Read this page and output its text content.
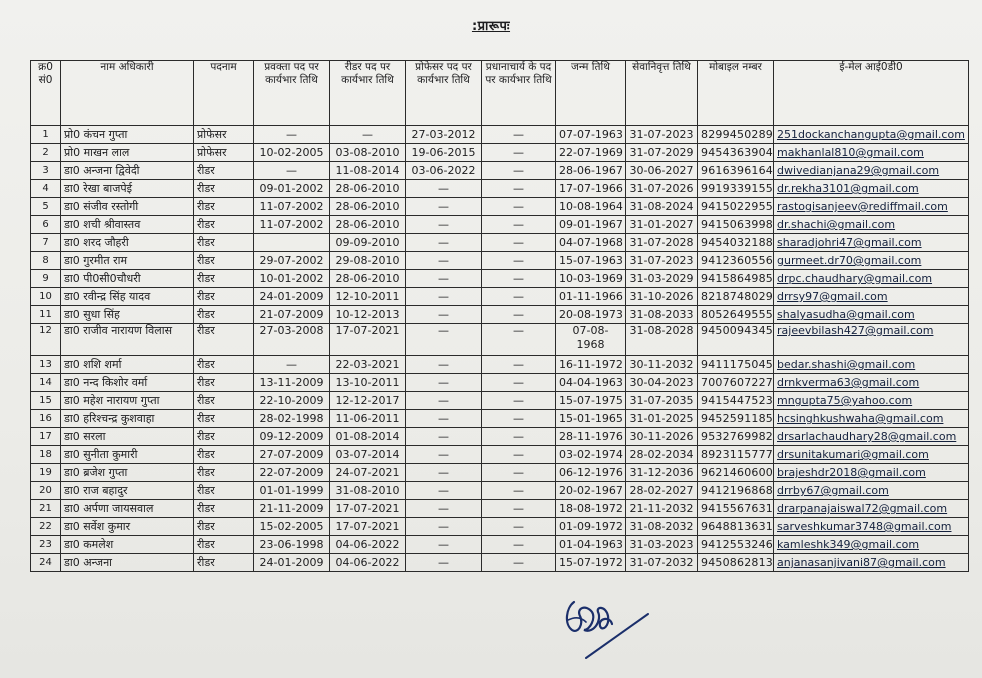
:प्रारूपः
क्र0 सं0	नाम अधिकारी	पदनाम	प्रवक्ता पद पर कार्यभार तिथि	रीडर पद पर कार्यभार तिथि	प्रोफेसर पद पर कार्यभार तिथि	प्रधानाचार्य के पद पर कार्यभार तिथि	जन्म तिथि	सेवानिवृत्त तिथि	मोबाइल नम्बर	ई-मेल आई0डी0
1	प्रो0 कंचन गुप्ता	प्रोफेसर	—	—	27-03-2012	—	07-07-1963	31-07-2023	8299450289	251dockanchangupta@gmail.com
2	प्रो0 माखन लाल	प्रोफेसर	10-02-2005	03-08-2010	19-06-2015	—	22-07-1969	31-07-2029	9454363904	makhanlal810@gmail.com
3	डा0 अन्जना द्विवेदी	रीडर	—	11-08-2014	03-06-2022	—	28-06-1967	30-06-2027	9616396164	dwivedianjana29@gmail.com
4	डा0 रेखा बाजपेई	रीडर	09-01-2002	28-06-2010	—	—	17-07-1966	31-07-2026	9919339155	dr.rekha3101@gmail.com
5	डा0 संजीव रस्तोगी	रीडर	11-07-2002	28-06-2010	—	—	10-08-1964	31-08-2024	9415022955	rastogisanjeev@rediffmail.com
6	डा0 शची श्रीवास्तव	रीडर	11-07-2002	28-06-2010	—	—	09-01-1967	31-01-2027	9415063998	dr.shachi@gmail.com
7	डा0 शरद जौहरी	रीडर		09-09-2010	—	—	04-07-1968	31-07-2028	9454032188	sharadjohri47@gmail.com
8	डा0 गुरमीत राम	रीडर	29-07-2002	29-08-2010	—	—	15-07-1963	31-07-2023	9412360556	gurmeet.dr70@gmail.com
9	डा0 पी0सी0चौधरी	रीडर	10-01-2002	28-06-2010	—	—	10-03-1969	31-03-2029	9415864985	drpc.chaudhary@gmail.com
10	डा0 रवीन्द्र सिंह यादव	रीडर	24-01-2009	12-10-2011	—	—	01-11-1966	31-10-2026	8218748029	drrsy97@gmail.com
11	डा0 सुधा सिंह	रीडर	21-07-2009	10-12-2013	—	—	20-08-1973	31-08-2033	8052649555	shalyasudha@gmail.com
12	डा0 राजीव नारायण विलास	रीडर	27-03-2008	17-07-2021	—	—	07-08-1968	31-08-2028	9450094345	rajeevbilash427@gmail.com
13	डा0 शशि शर्मा	रीडर	—	22-03-2021	—	—	16-11-1972	30-11-2032	9411175045	bedar.shashi@gmail.com
14	डा0 नन्द किशोर वर्मा	रीडर	13-11-2009	13-10-2011	—	—	04-04-1963	30-04-2023	7007607227	drnkverma63@gmail.com
15	डा0 महेश नारायण गुप्ता	रीडर	22-10-2009	12-12-2017	—	—	15-07-1975	31-07-2035	9415447523	mngupta75@yahoo.com
16	डा0 हरिश्चन्द्र कुशवाहा	रीडर	28-02-1998	11-06-2011	—	—	15-01-1965	31-01-2025	9452591185	hcsinghkushwaha@gmail.com
17	डा0 सरला	रीडर	09-12-2009	01-08-2014	—	—	28-11-1976	30-11-2026	9532769982	drsarlachaudhary28@gmail.com
18	डा0 सुनीता कुमारी	रीडर	27-07-2009	03-07-2014	—	—	03-02-1974	28-02-2034	8923115777	drsunitakumari@gmail.com
19	डा0 ब्रजेश गुप्ता	रीडर	22-07-2009	24-07-2021	—	—	06-12-1976	31-12-2036	9621460600	brajeshdr2018@gmail.com
20	डा0 राज बहादुर	रीडर	01-01-1999	31-08-2010	—	—	20-02-1967	28-02-2027	9412196868	drrby67@gmail.com
21	डा0 अर्पणा जायसवाल	रीडर	21-11-2009	17-07-2021	—	—	18-08-1972	21-11-2032	9415567631	drarpanajaiswal72@gmail.com
22	डा0 सर्वेश कुमार	रीडर	15-02-2005	17-07-2021	—	—	01-09-1972	31-08-2032	9648813631	sarveshkumar3748@gmail.com
23	डा0 कमलेश	रीडर	23-06-1998	04-06-2022	—	—	01-04-1963	31-03-2023	9412553246	kamleshk349@gmail.com
24	डा0 अन्जना	रीडर	24-01-2009	04-06-2022	—	—	15-07-1972	31-07-2032	9450862813	anjanasanjivani87@gmail.com
